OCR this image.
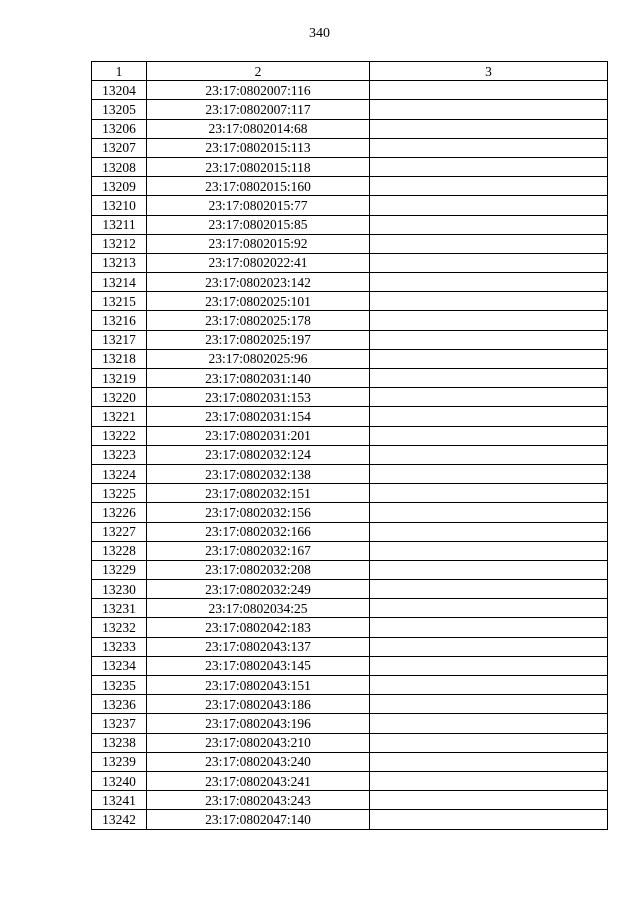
340
1	2	3
13204	23:17:0802007:116	
13205	23:17:0802007:117	
13206	23:17:0802014:68	
13207	23:17:0802015:113	
13208	23:17:0802015:118	
13209	23:17:0802015:160	
13210	23:17:0802015:77	
13211	23:17:0802015:85	
13212	23:17:0802015:92	
13213	23:17:0802022:41	
13214	23:17:0802023:142	
13215	23:17:0802025:101	
13216	23:17:0802025:178	
13217	23:17:0802025:197	
13218	23:17:0802025:96	
13219	23:17:0802031:140	
13220	23:17:0802031:153	
13221	23:17:0802031:154	
13222	23:17:0802031:201	
13223	23:17:0802032:124	
13224	23:17:0802032:138	
13225	23:17:0802032:151	
13226	23:17:0802032:156	
13227	23:17:0802032:166	
13228	23:17:0802032:167	
13229	23:17:0802032:208	
13230	23:17:0802032:249	
13231	23:17:0802034:25	
13232	23:17:0802042:183	
13233	23:17:0802043:137	
13234	23:17:0802043:145	
13235	23:17:0802043:151	
13236	23:17:0802043:186	
13237	23:17:0802043:196	
13238	23:17:0802043:210	
13239	23:17:0802043:240	
13240	23:17:0802043:241	
13241	23:17:0802043:243	
13242	23:17:0802047:140	
